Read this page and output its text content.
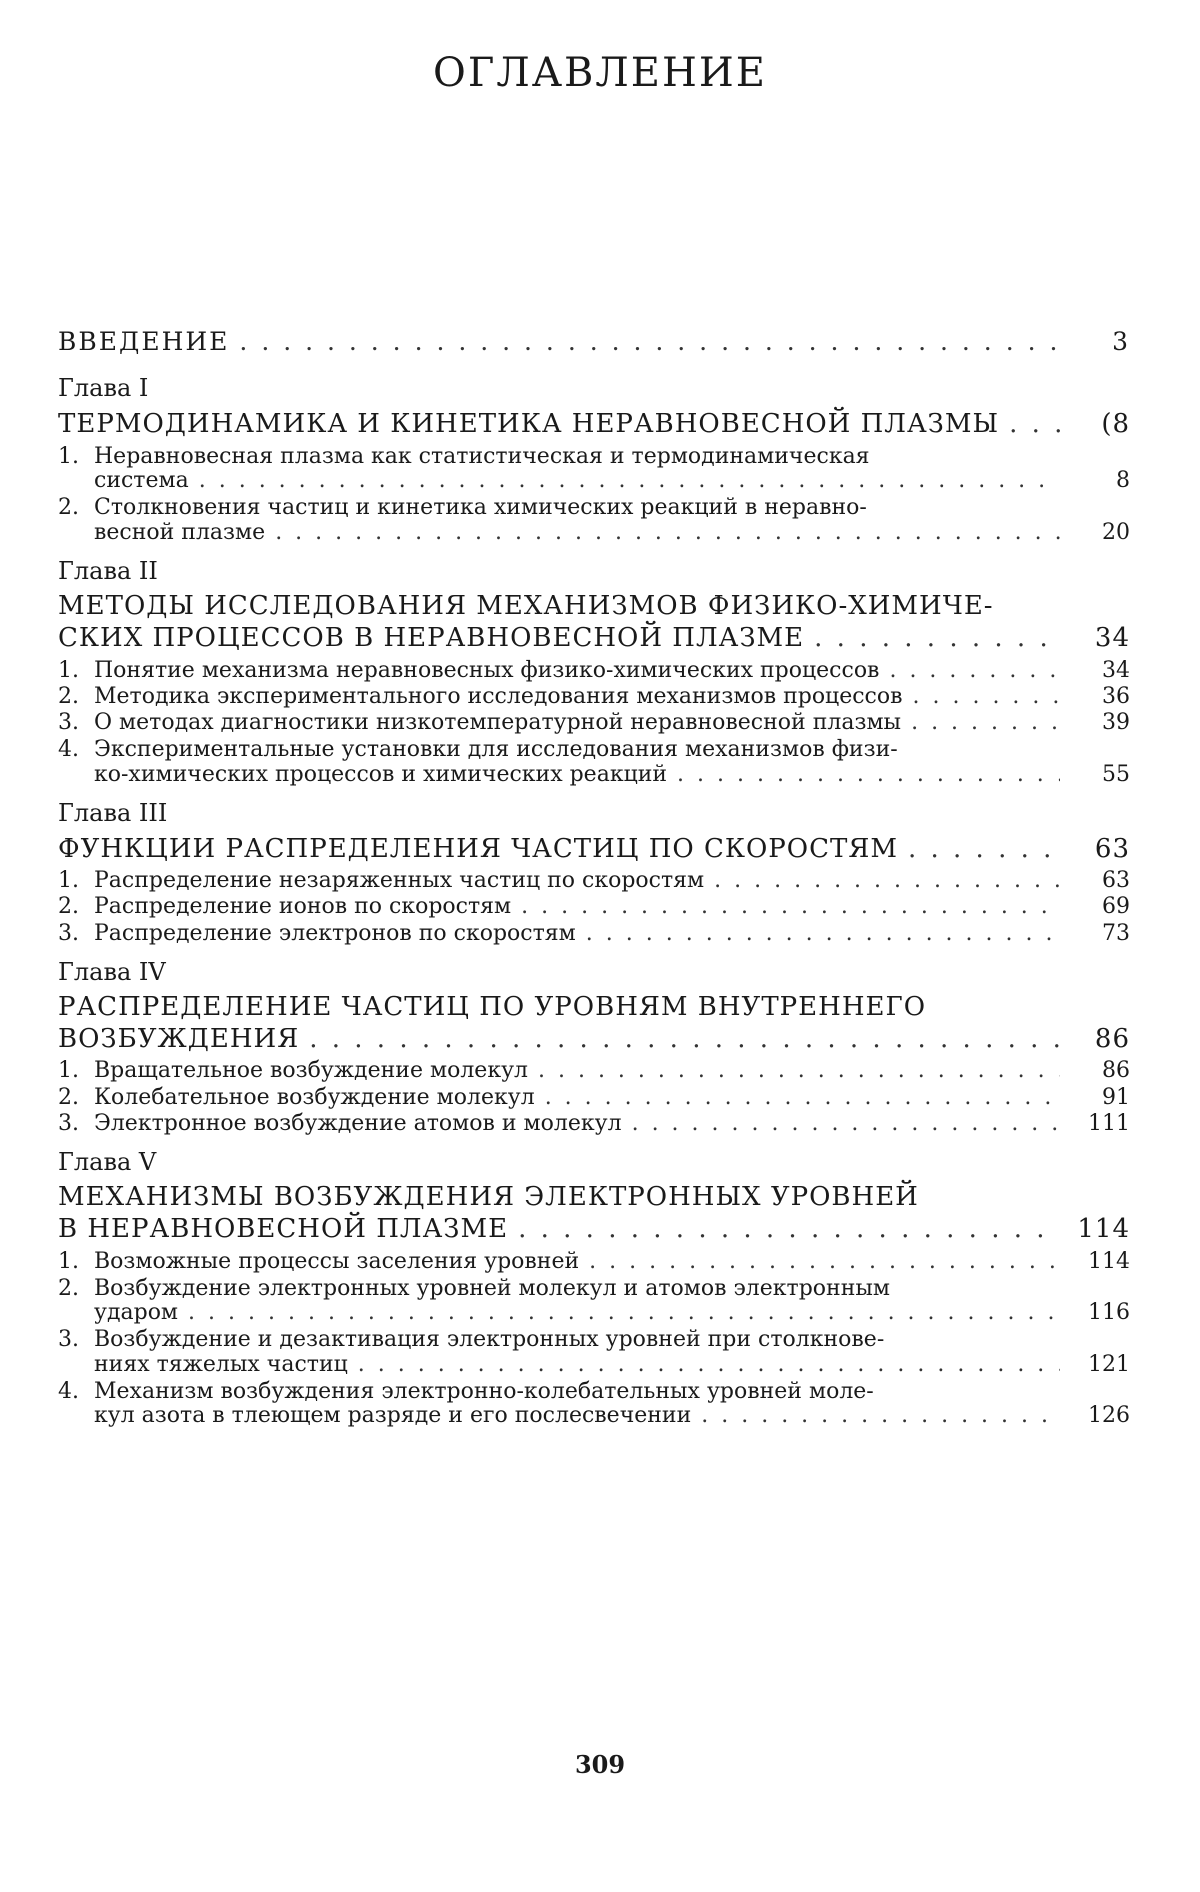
ОГЛАВЛЕНИЕ
ВВЕДЕНИЕ . . .	3
Глава I
ТЕРМОДИНАМИКА И КИНЕТИКА НЕРАВНОВЕСНОЙ ПЛАЗМЫ . . .	(8
1. Неравновесная плазма как статистическая и термодинамическая
система . . .	8
2. Столкновения частиц и кинетика химических реакций в неравно-
весной плазме . . .	20
Глава II
МЕТОДЫ ИССЛЕДОВАНИЯ МЕХАНИЗМОВ ФИЗИКО-ХИМИЧЕ-
СКИХ ПРОЦЕССОВ В НЕРАВНОВЕСНОЙ ПЛАЗМЕ . . .	34
1. Понятие механизма неравновесных физико-химических процессов . . .	34
2. Методика экспериментального исследования механизмов процессов . . .	36
3. О методах диагностики низкотемпературной неравновесной плазмы . . .	39
4. Экспериментальные установки для исследования механизмов физи-
ко-химических процессов и химических реакций . . .	55
Глава III
ФУНКЦИИ РАСПРЕДЕЛЕНИЯ ЧАСТИЦ ПО СКОРОСТЯМ . . .	63
1. Распределение незаряженных частиц по скоростям . . .	63
2. Распределение ионов по скоростям . . .	69
3. Распределение электронов по скоростям . . .	73
Глава IV
РАСПРЕДЕЛЕНИЕ ЧАСТИЦ ПО УРОВНЯМ ВНУТРЕННЕГО
ВОЗБУЖДЕНИЯ . . .	86
1. Вращательное возбуждение молекул . . .	86
2. Колебательное возбуждение молекул . . .	91
3. Электронное возбуждение атомов и молекул . . .	111
Глава V
МЕХАНИЗМЫ ВОЗБУЖДЕНИЯ ЭЛЕКТРОННЫХ УРОВНЕЙ
В НЕРАВНОВЕСНОЙ ПЛАЗМЕ . . .	114
1. Возможные процессы заселения уровней . . .	114
2. Возбуждение электронных уровней молекул и атомов электронным
ударом . . .	116
3. Возбуждение и дезактивация электронных уровней при столкнове-
ниях тяжелых частиц . . .	121
4. Механизм возбуждения электронно-колебательных уровней моле-
кул азота в тлеющем разряде и его послесвечении . . .	126
309
